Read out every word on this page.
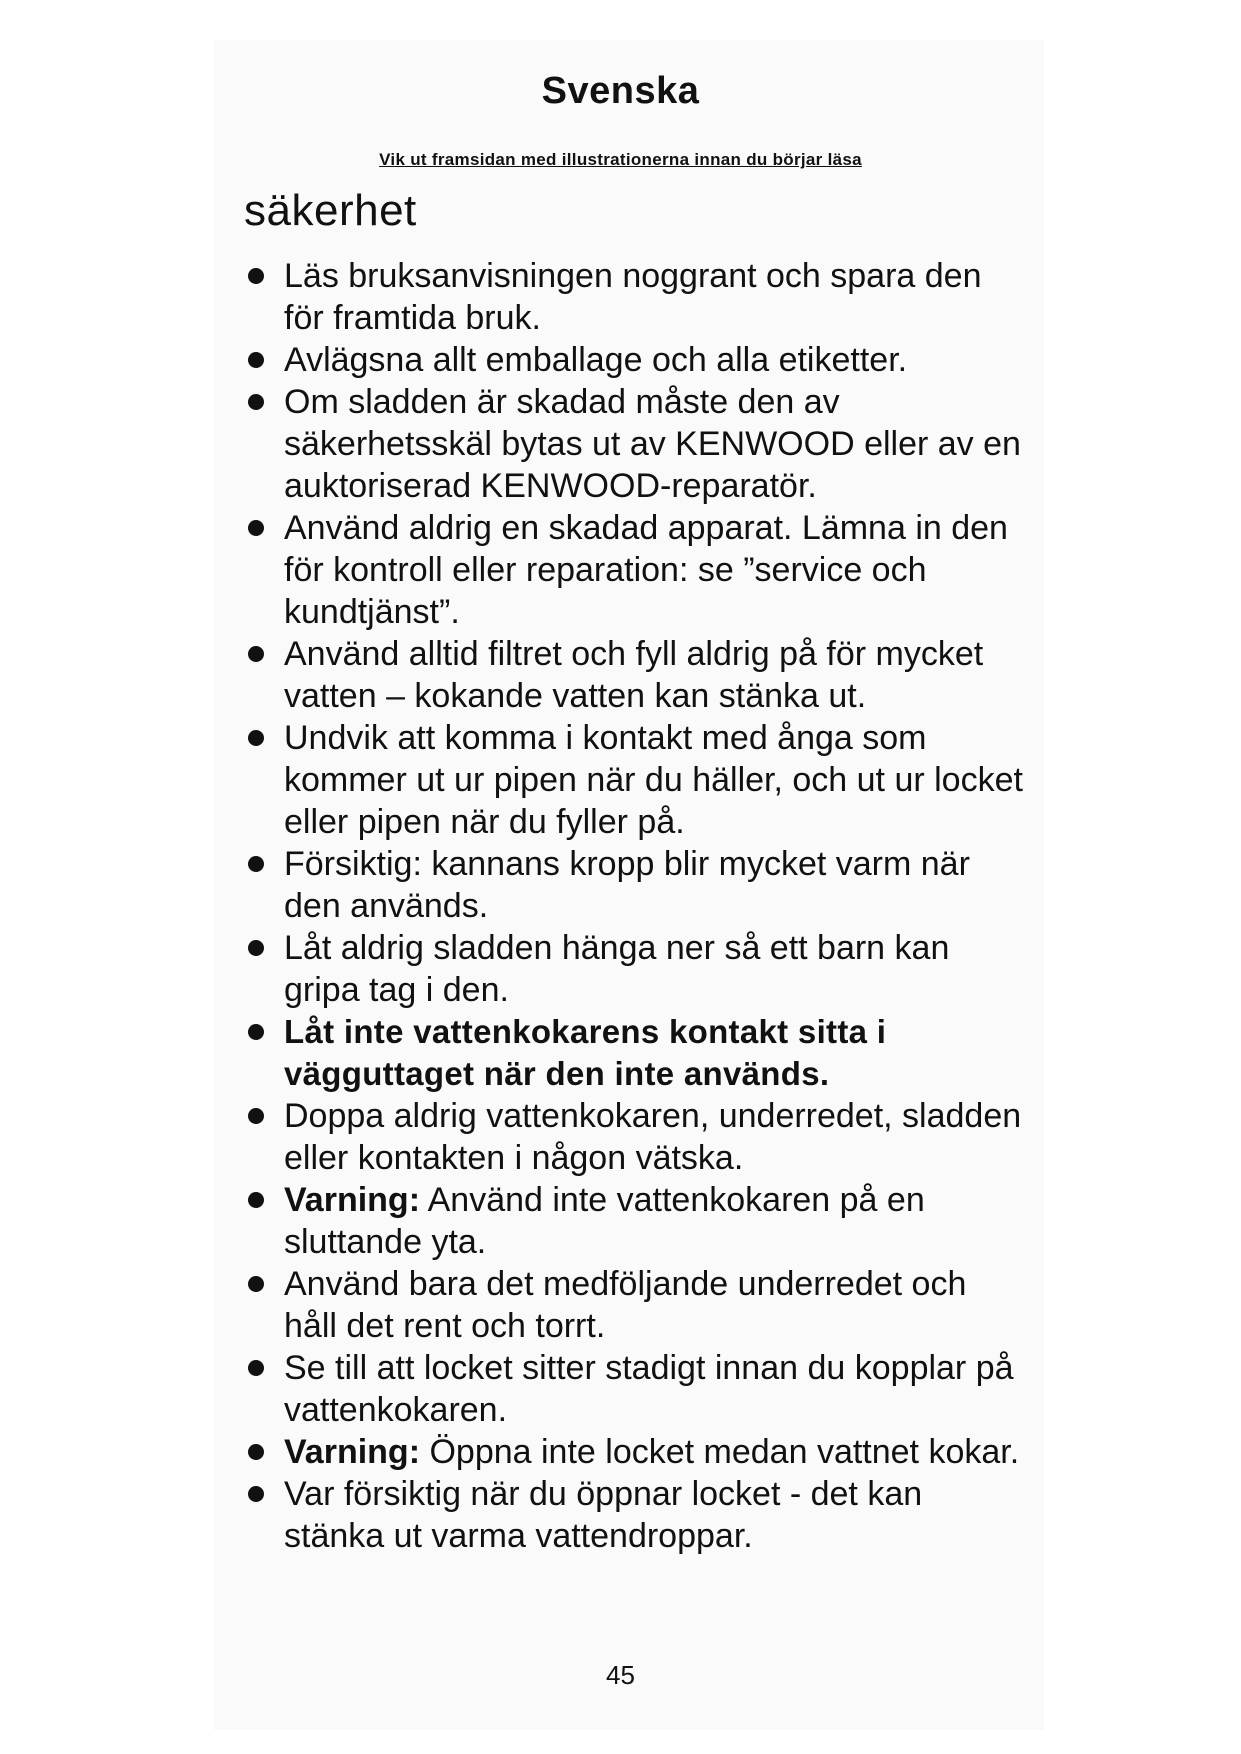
Svenska
Vik ut framsidan med illustrationerna innan du börjar läsa
säkerhet
Läs bruksanvisningen noggrant och spara den för framtida bruk.
Avlägsna allt emballage och alla etiketter.
Om sladden är skadad måste den av säkerhetsskäl bytas ut av KENWOOD eller av en auktoriserad KENWOOD-reparatör.
Använd aldrig en skadad apparat. Lämna in den för kontroll eller reparation: se ”service och kundtjänst”.
Använd alltid filtret och fyll aldrig på för mycket vatten – kokande vatten kan stänka ut.
Undvik att komma i kontakt med ånga som kommer ut ur pipen när du häller, och ut ur locket eller pipen när du fyller på.
Försiktig: kannans kropp blir mycket varm när den används.
Låt aldrig sladden hänga ner så ett barn kan gripa tag i den.
Låt inte vattenkokarens kontakt sitta i vägguttaget när den inte används.
Doppa aldrig vattenkokaren, underredet, sladden eller kontakten i någon vätska.
Varning: Använd inte vattenkokaren på en sluttande yta.
Använd bara det medföljande underredet och håll det rent och torrt.
Se till att locket sitter stadigt innan du kopplar på vattenkokaren.
Varning: Öppna inte locket medan vattnet kokar.
Var försiktig när du öppnar locket - det kan stänka ut varma vattendroppar.
45
